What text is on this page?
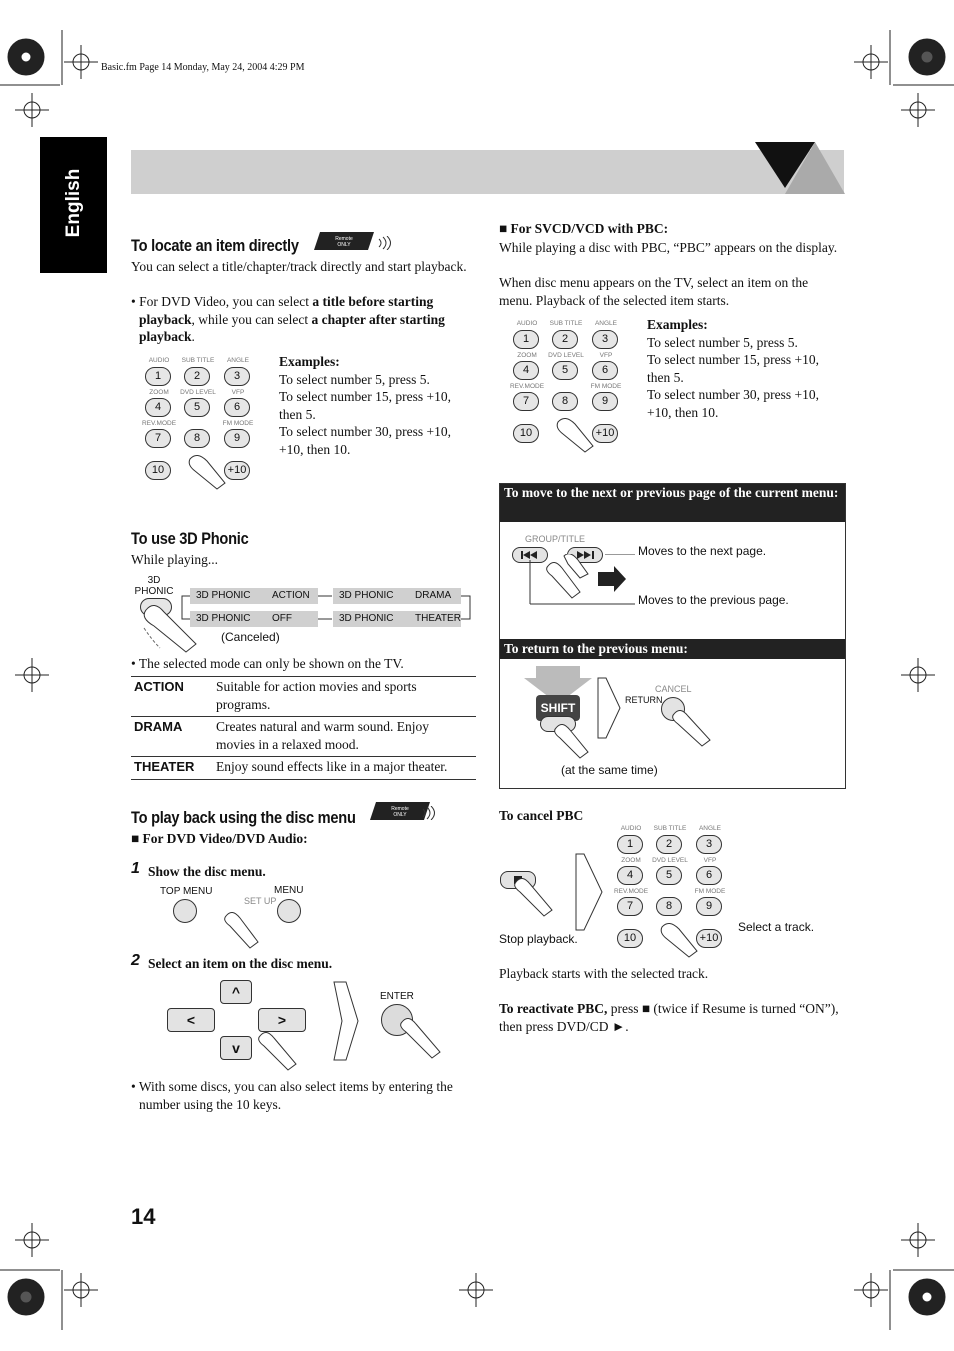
Basic.fm Page 14 Monday, May 24, 2004 4:29 PM
English
To locate an item directly	Remote
ONLY
You can select a title/chapter/track directly and start playback.
• For DVD Video, you can select a title before starting playback, while you can select a chapter after starting playback.
AUDIO	SUB TITLE	ANGLE
1	2	3
ZOOM	DVD LEVEL	VFP
4	5	6
REV.MODE	FM MODE
7	8	9
10	+10
Examples:
To select number 5, press 5.
To select number 15, press +10, then 5.
To select number 30, press +10, +10, then 10.
To use 3D Phonic
While playing...
3D PHONIC 3D PHONIC ACTION	3D PHONIC DRAMA
3D PHONIC OFF	3D PHONIC THEATER
(Canceled)
• The selected mode can only be shown on the TV.
ACTION Suitable for action movies and sports programs.
DRAMA Creates natural and warm sound. Enjoy movies in a relaxed mood.
THEATER Enjoy sound effects like in a major theater.
To play back using the disc menu	Remote
ONLY
■ For DVD Video/DVD Audio:
1 Show the disc menu.
TOP MENU
SET UP
MENU
2 Select an item on the disc menu.
^
<	>
v
ENTER
• With some discs, you can also select items by entering the number using the 10 keys.
14
■ For SVCD/VCD with PBC:
While playing a disc with PBC, “PBC” appears on the display.
When disc menu appears on the TV, select an item on the menu. Playback of the selected item starts.
AUDIO	SUB TITLE	ANGLE
1	2	3
ZOOM	DVD LEVEL	VFP
4	5	6
REV.MODE	FM MODE
7	8	9
10	+10
Examples:
To select number 5, press 5.
To select number 15, press +10, then 5.
To select number 30, press +10, +10, then 10.
To move to the next or previous page of the current menu:
GROUP/TITLE
Moves to the next page.
Moves to the previous page.
To return to the previous menu:
SHIFT
CANCEL
RETURN
(at the same time)
To cancel PBC
Stop playback.
AUDIO	SUB TITLE	ANGLE
1	2	3
ZOOM	DVD LEVEL	VFP
4	5	6
REV.MODE	FM MODE
7	8	9
10	+10
Select a track.
Playback starts with the selected track.
To reactivate PBC, press ■ (twice if Resume is turned “ON”), then press DVD/CD ►.
